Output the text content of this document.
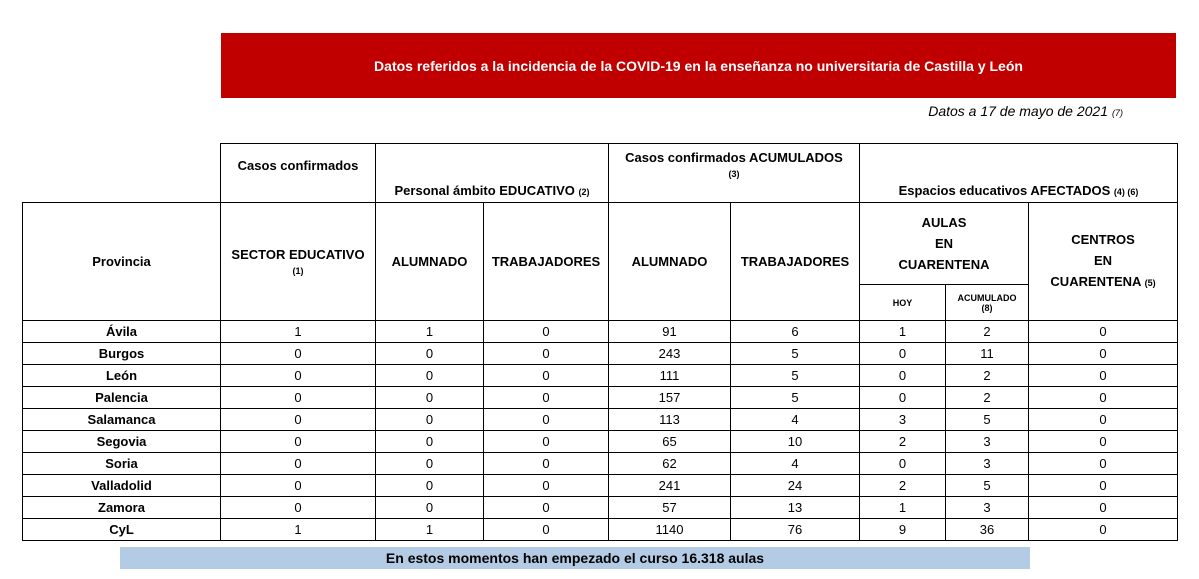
Datos referidos a la incidencia de la COVID-19 en la enseñanza no universitaria de Castilla y León
Datos a 17 de mayo de 2021 (7)
	Casos confirmados	Personal ámbito EDUCATIVO (2)		Casos confirmados ACUMULADOS
(3)		Espacios educativos AFECTADOS (4) (6)		
Provincia	SECTOR EDUCATIVO
(1)	ALUMNADO	TRABAJADORES	ALUMNADO	TRABAJADORES	AULAS
EN
CUARENTENA		CENTROS
EN
CUARENTENA (5)

						HOY	ACUMULADO
(8)	

Ávila	1	1	0	91	6	1	2	0
Burgos	0	0	0	243	5	0	11	0
León	0	0	0	111	5	0	2	0
Palencia	0	0	0	157	5	0	2	0
Salamanca	0	0	0	113	4	3	5	0
Segovia	0	0	0	65	10	2	3	0
Soria	0	0	0	62	4	0	3	0
Valladolid	0	0	0	241	24	2	5	0
Zamora	0	0	0	57	13	1	3	0
CyL	1	1	0	1140	76	9	36	0
En estos momentos han empezado el curso 16.318 aulas
